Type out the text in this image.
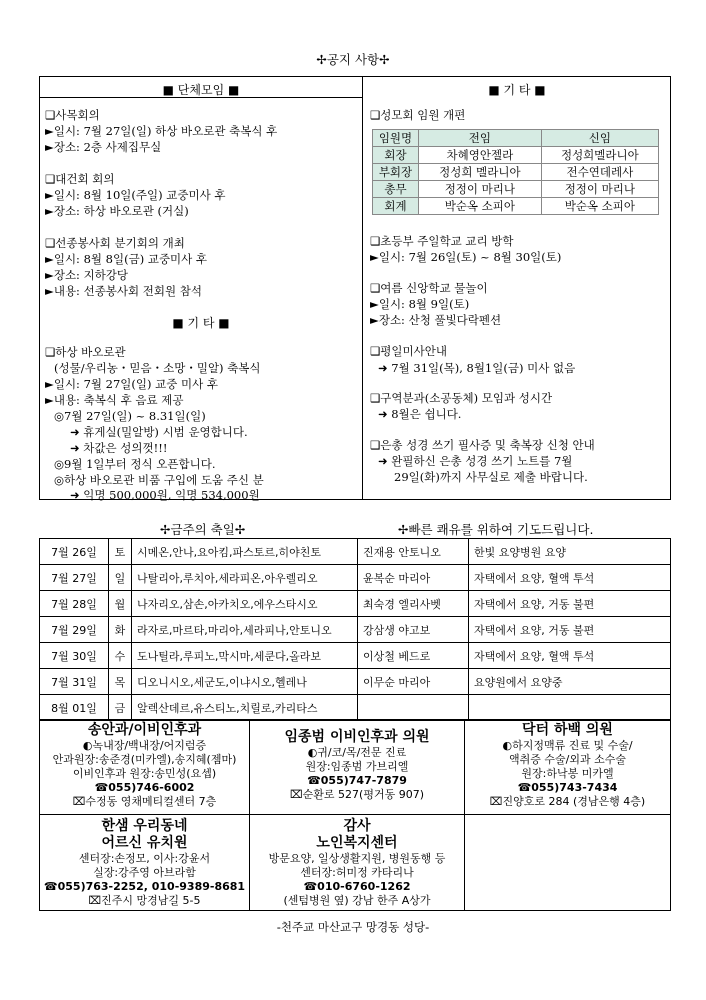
✢공지 사항✢
■ 단체모임 ■
❑사목회의
►일시: 7월 27일(일) 하상 바오로관 축복식 후
►장소: 2층 사제집무실
❑대건회 회의
►일시: 8월 10일(주일) 교중미사 후
►장소: 하상 바오로관 (거실)
❑선종봉사회 분기회의 개최
►일시: 8월 8일(금) 교중미사 후
►장소: 지하강당
►내용: 선종봉사회 전회원 참석
■ 기 타 ■
❑하상 바오로관
(성물/우리농・믿음・소망・밀알) 축복식
►일시: 7월 27일(일) 교중 미사 후
►내용: 축복식 후 음료 제공
◎7월 27일(일) ~ 8.31일(일)
➜ 휴게실(밀알방) 시범 운영합니다.
➜ 차값은 성의껏!!!
◎9월 1일부터 정식 오픈합니다.
◎하상 바오로관 비품 구입에 도움 주신 분
➜ 익명 500,000원, 익명 534,000원
■ 기 타 ■
❑성모회 임원 개편
임원명	전임	신임
회장	차혜영안젤라	정성희멜라니아
부회장	정성희 멜라니아	전수연데레사
총무	정정이 마리나	정정이 마리나
회계	박순옥 소피아	박순옥 소피아
❑초등부 주일학교 교리 방학
►일시: 7월 26일(토) ~ 8월 30일(토)
❑여름 신앙학교 물놀이
►일시: 8월 9일(토)
►장소: 산청 풀빛다락펜션
❑평일미사안내
➜ 7월 31일(목), 8월1일(금) 미사 없음
❑구역분과(소공동체) 모임과 성시간
➜ 8월은 쉽니다.
❑은총 성경 쓰기 필사증 및 축복장 신청 안내
➜ 완필하신 은총 성경 쓰기 노트를 7월
29일(화)까지 사무실로 제출 바랍니다.
✢금주의 축일✢	✢빠른 쾌유를 위하여 기도드립니다.
7월 26일	토	시메온,안나,요아킴,파스토르,히야친토	진재용 안토니오	한빛 요양병원 요양
7월 27일	일	나탈리아,루치아,세라피온,아우렐리오	윤복순 마리아	자택에서 요양, 혈액 투석
7월 28일	월	나자리오,삼손,아카치오,에우스타시오	최숙경 엘리사벳	자택에서 요양, 거동 불편
7월 29일	화	라자로,마르타,마리아,세라피나,안토니오	강삼생 야고보	자택에서 요양, 거동 불편
7월 30일	수	도나틸라,루피노,막시마,세쿤다,올라보	이상철 베드로	자택에서 요양, 혈액 투석
7월 31일	목	디오니시오,세군도,이냐시오,헬레나	이무순 마리아	요양원에서 요양중
8월 01일	금	알렉산데르,유스티노,치릴로,카리타스		
송안과/이비인후과
◐녹내장/백내장/어지럼증
안과원장:송준경(미카엘),송지혜(젬마)
이비인후과 원장:송민성(요셉)
☎055)746-6002
⌧수정동 영채메티컬센터 7층
임종범 이비인후과 의원
◐귀/코/목/전문 진료
원장:임종범 가브리엘
☎055)747-7879
⌧순환로 527(평거동 907)
닥터 하백 의원
◐하지정맥류 진료 및 수술/
액취증 수술/외과 소수술
원장:하낙봉 미카엘
☎055)743-7434
⌧진양호로 284 (경남은행 4층)
한샘 우리동네
어르신 유치원
센터장:손정모, 이사:강윤서
실장:강주영 아브라함
☎055)763-2252, 010-9389-8681
⌧진주시 망경남길 5-5
감사
노인복지센터
방문요양, 일상생활지원, 병원동행 등
센터장:허미정 카타리나
☎010-6760-1262
(센텀병원 옆) 강남 한주 A상가
-천주교 마산교구 망경동 성당-
